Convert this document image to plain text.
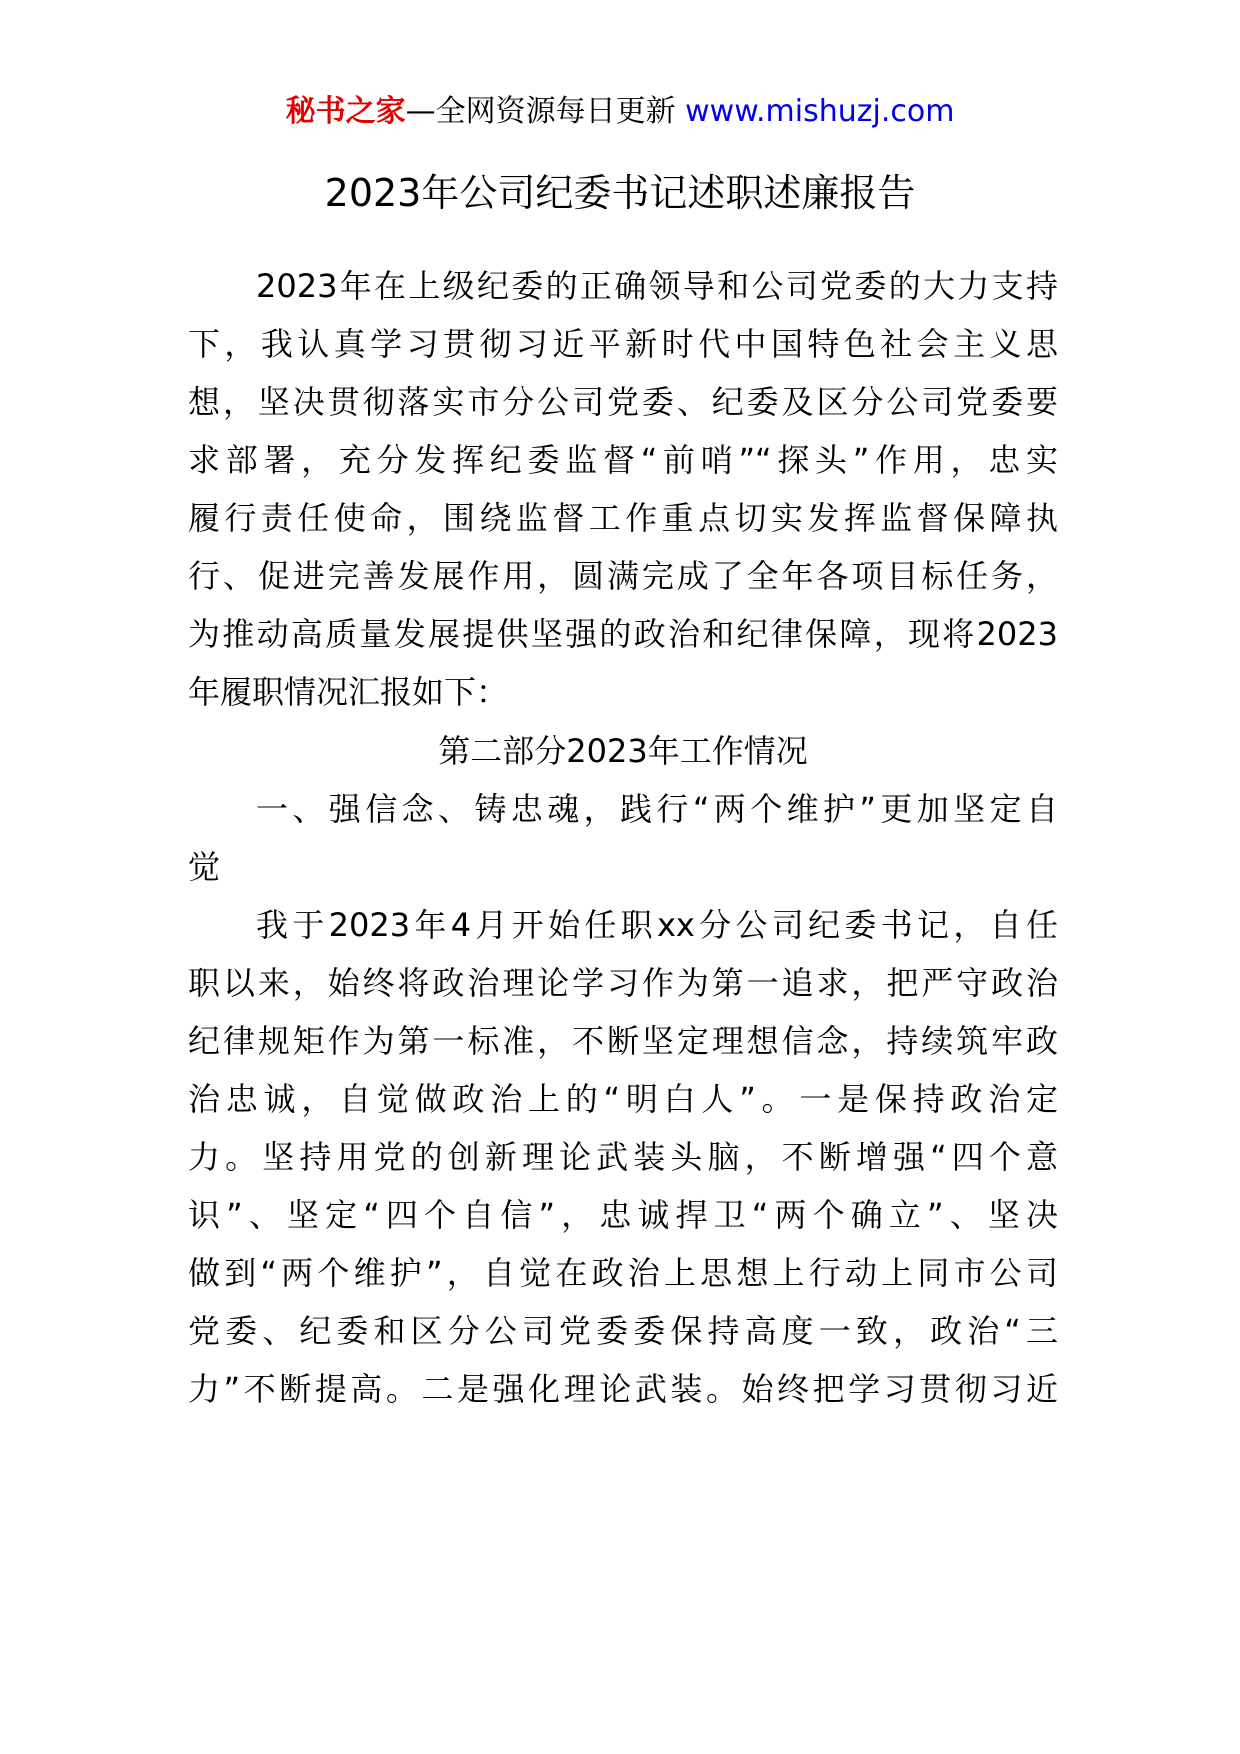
秘书之家—全网资源每日更新 www.mishuzj.com
2023年公司纪委书记述职述廉报告
2023年在上级纪委的正确领导和公司党委的大力支持
下，我认真学习贯彻习近平新时代中国特色社会主义思
想，坚决贯彻落实市分公司党委、纪委及区分公司党委要
求部署，充分发挥纪委监督“前哨”“探头”作用，忠实
履行责任使命，围绕监督工作重点切实发挥监督保障执
行、促进完善发展作用，圆满完成了全年各项目标任务，
为推动高质量发展提供坚强的政治和纪律保障，现将2023
年履职情况汇报如下：
第二部分2023年工作情况
一、强信念、铸忠魂，践行“两个维护”更加坚定自
觉
我于2023年4月开始任职xx分公司纪委书记，自任
职以来，始终将政治理论学习作为第一追求，把严守政治
纪律规矩作为第一标准，不断坚定理想信念，持续筑牢政
治忠诚，自觉做政治上的“明白人”。一是保持政治定
力。坚持用党的创新理论武装头脑，不断增强“四个意
识”、坚定“四个自信”，忠诚捍卫“两个确立”、坚决
做到“两个维护”，自觉在政治上思想上行动上同市公司
党委、纪委和区分公司党委委保持高度一致，政治“三
力”不断提高。二是强化理论武装。始终把学习贯彻习近
